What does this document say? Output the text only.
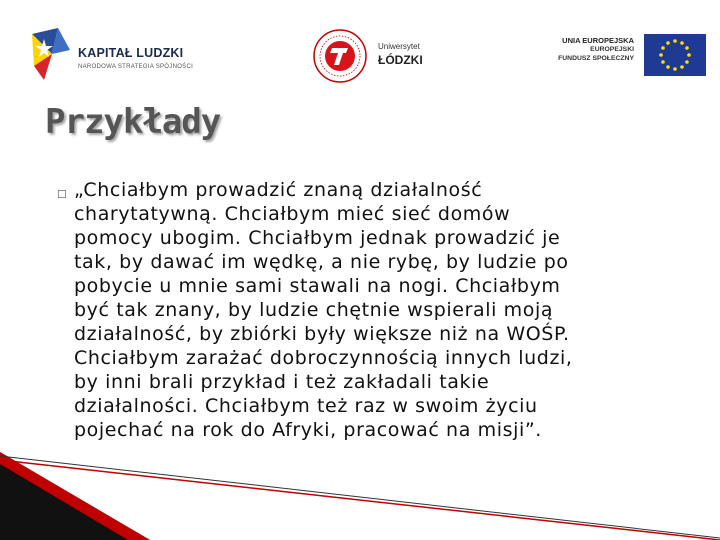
KAPITAŁ LUDZKI
NARODOWA STRATEGIA SPÓJNOŚCI
Uniwersytet
ŁÓDZKI
UNIA EUROPEJSKA
EUROPEJSKI
FUNDUSZ SPOŁECZNY
Przykłady
☐ „Chciałbym prowadzić znaną działalność
charytatywną. Chciałbym mieć sieć domów
pomocy ubogim. Chciałbym jednak prowadzić je
tak, by dawać im wędkę, a nie rybę, by ludzie po
pobycie u mnie sami stawali na nogi. Chciałbym
być tak znany, by ludzie chętnie wspierali moją
działalność, by zbiórki były większe niż na WOŚP.
Chciałbym zarażać dobroczynnością innych ludzi,
by inni brali przykład i też zakładali takie
działalności. Chciałbym też raz w swoim życiu
pojechać na rok do Afryki, pracować na misji”.
